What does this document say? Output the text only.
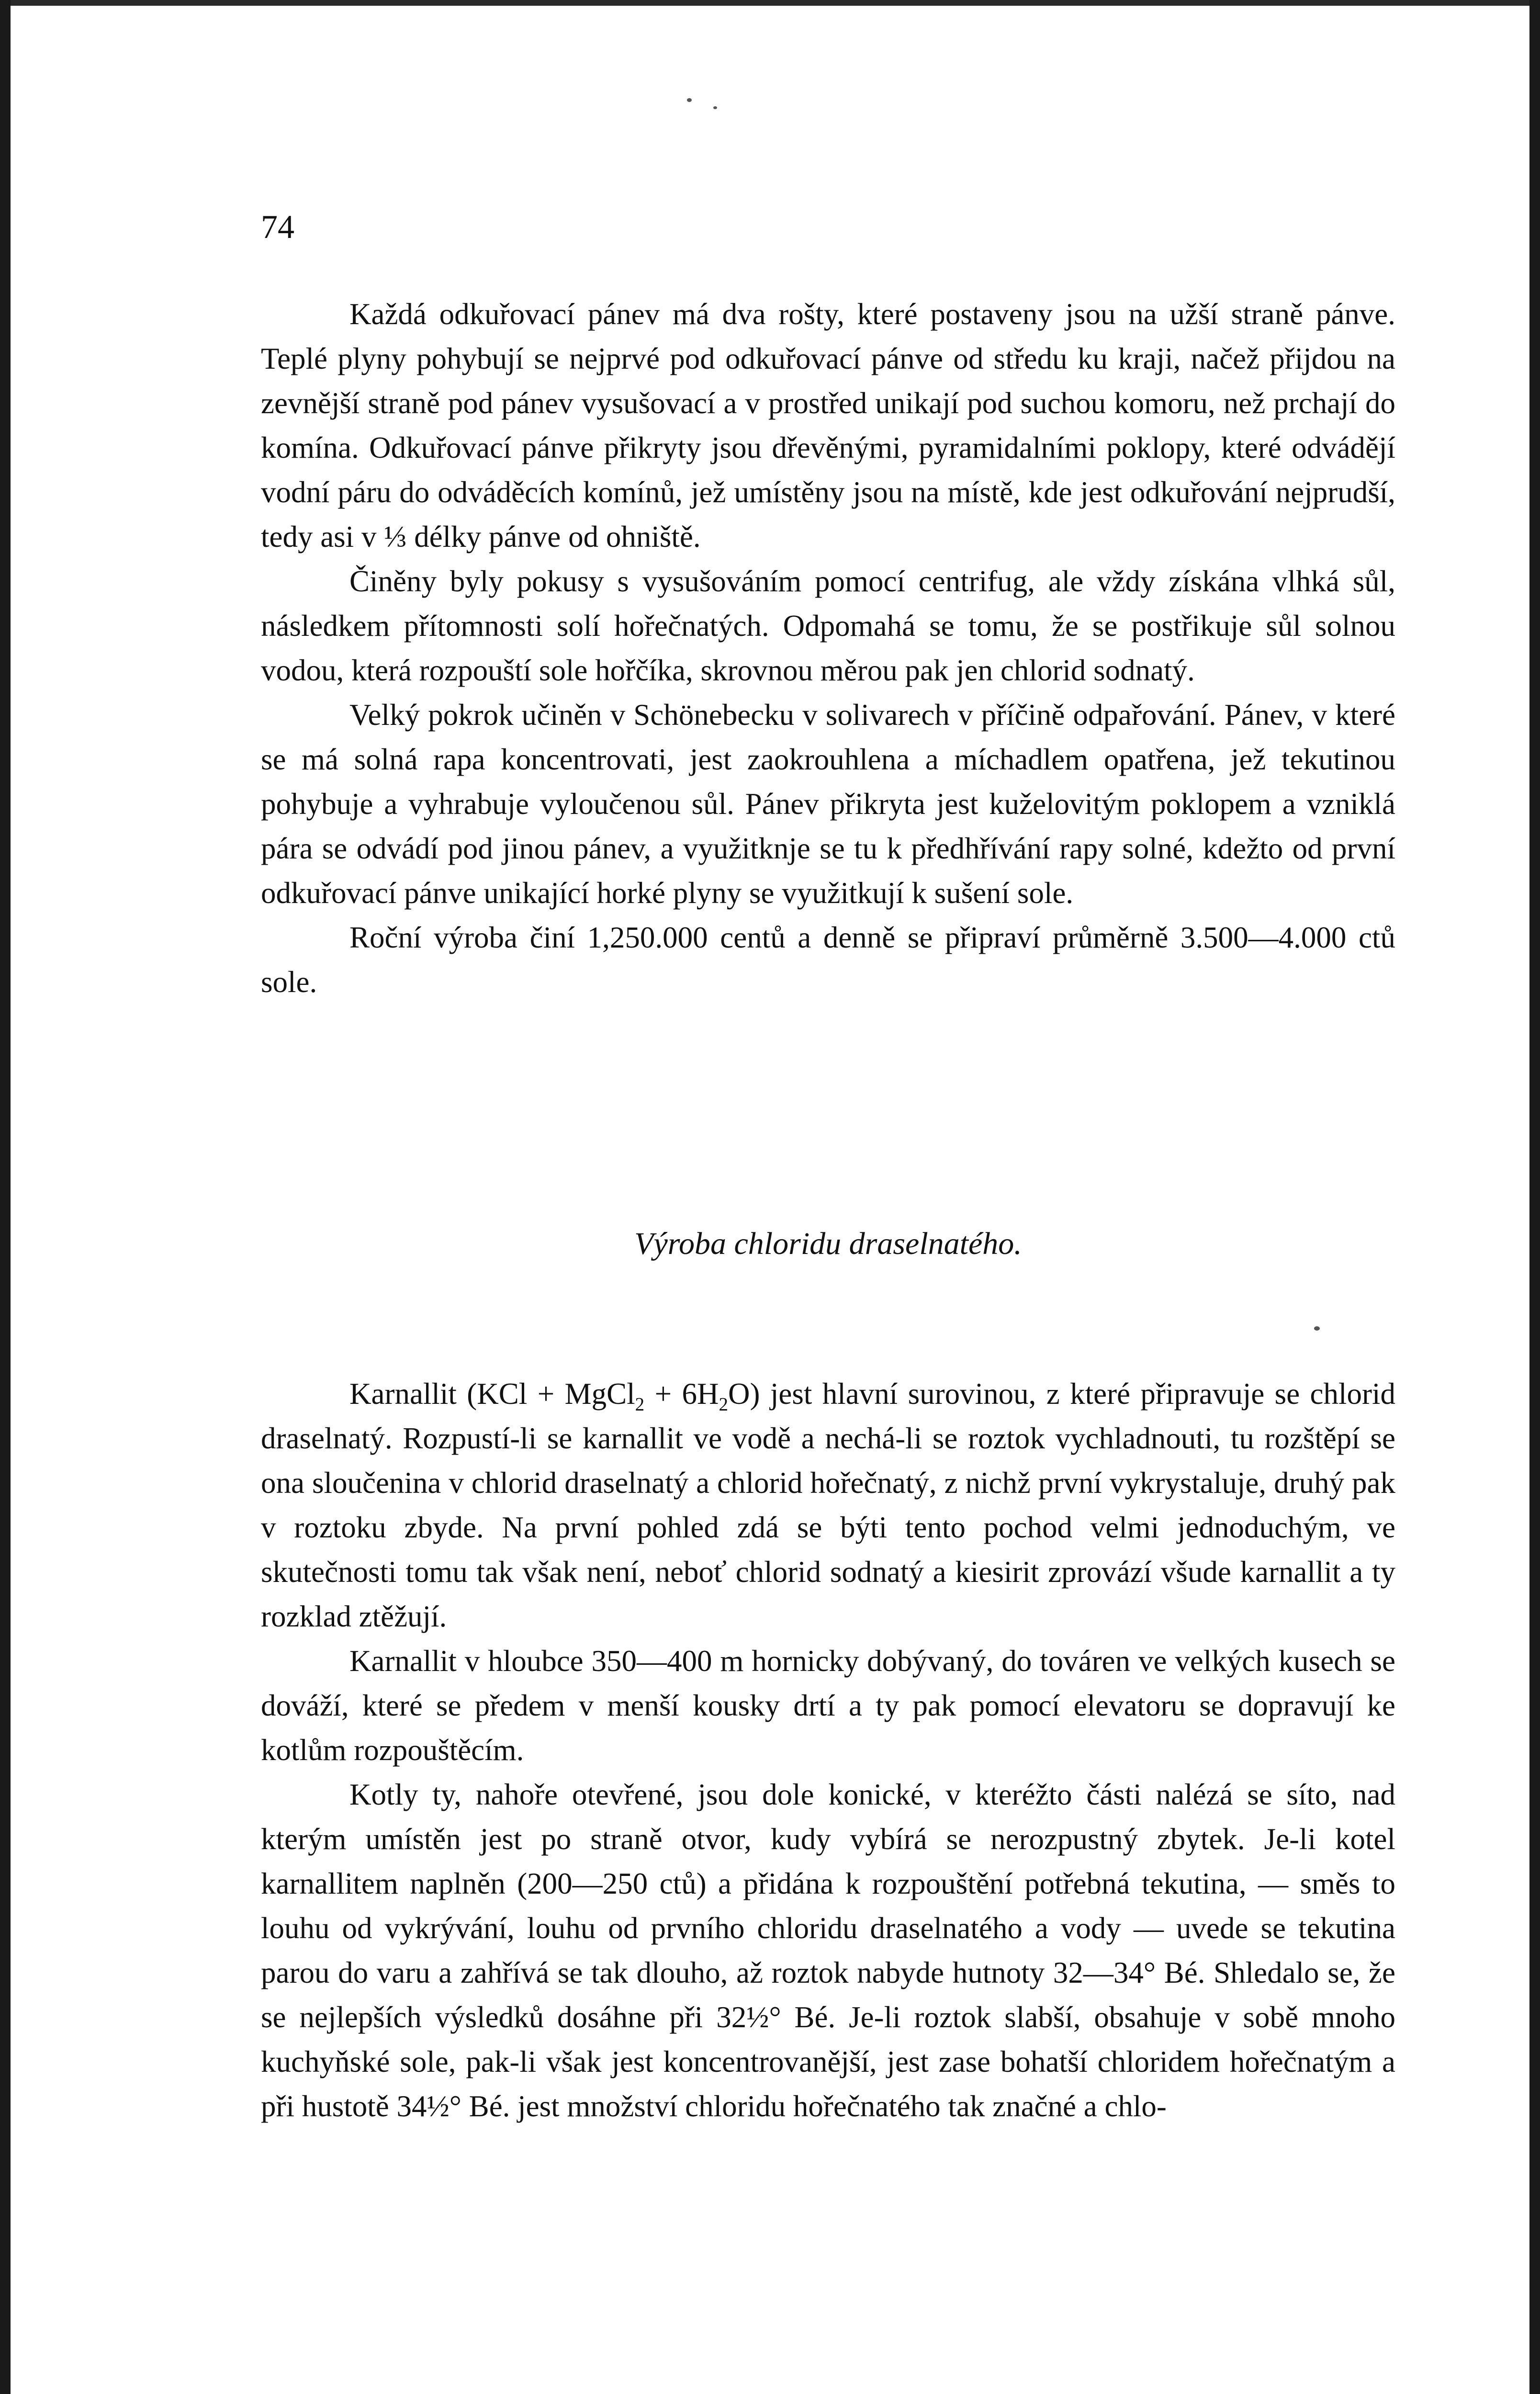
74

Každá odkuřovací pánev má dva rošty, které postaveny jsou na užší straně pánve. Teplé plyny pohybují se nejprvé pod odkuřovací pánve od středu ku kraji, načež přijdou na zevnější straně pod pánev vysušovací a v prostřed unikají pod suchou komoru, než prchají do komína. Odkuřovací pánve přikryty jsou dřevěnými, pyramidalními poklopy, které odvádějí vodní páru do odváděcích komínů, jež umístěny jsou na místě, kde jest odkuřování nejprudší, tedy asi v ⅓ délky pánve od ohniště.

Činěny byly pokusy s vysušováním pomocí centrifug, ale vždy získána vlhká sůl, následkem přítomnosti solí hořečnatých. Odpomahá se tomu, že se postřikuje sůl solnou vodou, která rozpouští sole hořčíka, skrovnou měrou pak jen chlorid sodnatý.

Velký pokrok učiněn v Schönebecku v solivarech v příčině odpařování. Pánev, v které se má solná rapa koncentrovati, jest zaokrouhlena a míchadlem opatřena, jež tekutinou pohybuje a vyhrabuje vyloučenou sůl. Pánev přikryta jest kuželovitým poklopem a vzniklá pára se odvádí pod jinou pánev, a využitknje se tu k předhřívání rapy solné, kdežto od první odkuřovací pánve unikající horké plyny se využitkují k sušení sole.

Roční výroba činí 1,250.000 centů a denně se připraví průměrně 3.500—4.000 ctů sole.

Výroba chloridu draselnatého.

Karnallit (KCl + MgCl$_2$ + $6H_2O$) jest hlavní surovinou, z které připravuje se chlorid draselnatý. Rozpustí-li se karnallit ve vodě a nechá-li se roztok vychladnouti, tu rozštěpí se ona sloučenina v chlorid draselnatý a chlorid hořečnatý, z nichž první vykrystaluje, druhý pak v roztoku zbyde. Na první pohled zdá se býti tento pochod velmi jednoduchým, ve skutečnosti tomu tak však není, neboť chlorid sodnatý a kiesirit zprovází všude karnallit a ty rozklad ztěžují.

Karnallit v hloubce 350—400 m hornicky dobývaný, do továren ve velkých kusech se dováží, které se předem v menší kousky drtí a ty pak pomocí elevatoru se dopravují ke kotlům rozpouštěcím.

Kotly ty, nahoře otevřené, jsou dole konické, v kteréžto části nalézá se síto, nad kterým umístěn jest po straně otvor, kudy vybírá se nerozpustný zbytek. Je-li kotel karnallitem naplněn (200—250 ctů) a přidána k rozpouštění potřebná tekutina, — směs to louhu od vykrývání, louhu od prvního chloridu draselnatého a vody — uvede se tekutina parou do varu a zahřívá se tak dlouho, až roztok nabyde hutnoty 32—34° Bé. Shledalo se, že se nejlepších výsledků dosáhne při 32½° Bé. Je-li roztok slabší, obsahuje v sobě mnoho kuchyňské sole, pak-li však jest koncentrovanější, jest zase bohatší chloridem hořečnatým a při hustotě 34½° Bé. jest množství chloridu hořečnatého tak značné a chlo-
